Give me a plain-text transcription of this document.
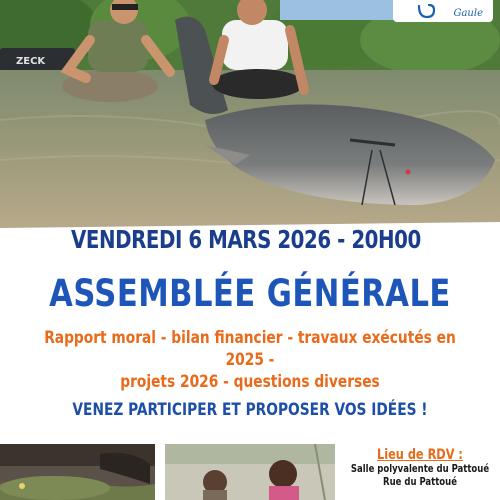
ZECK
Gaule
VENDREDI 6 MARS 2026 - 20H00
ASSEMBLÉE GÉNÉRALE
Rapport moral - bilan financier - travaux exécutés en 2025 -
projets 2026 - questions diverses
VENEZ PARTICIPER ET PROPOSER VOS IDÉES !
Lieu de RDV :
Salle polyvalente du Pattoué
Rue du Pattoué
